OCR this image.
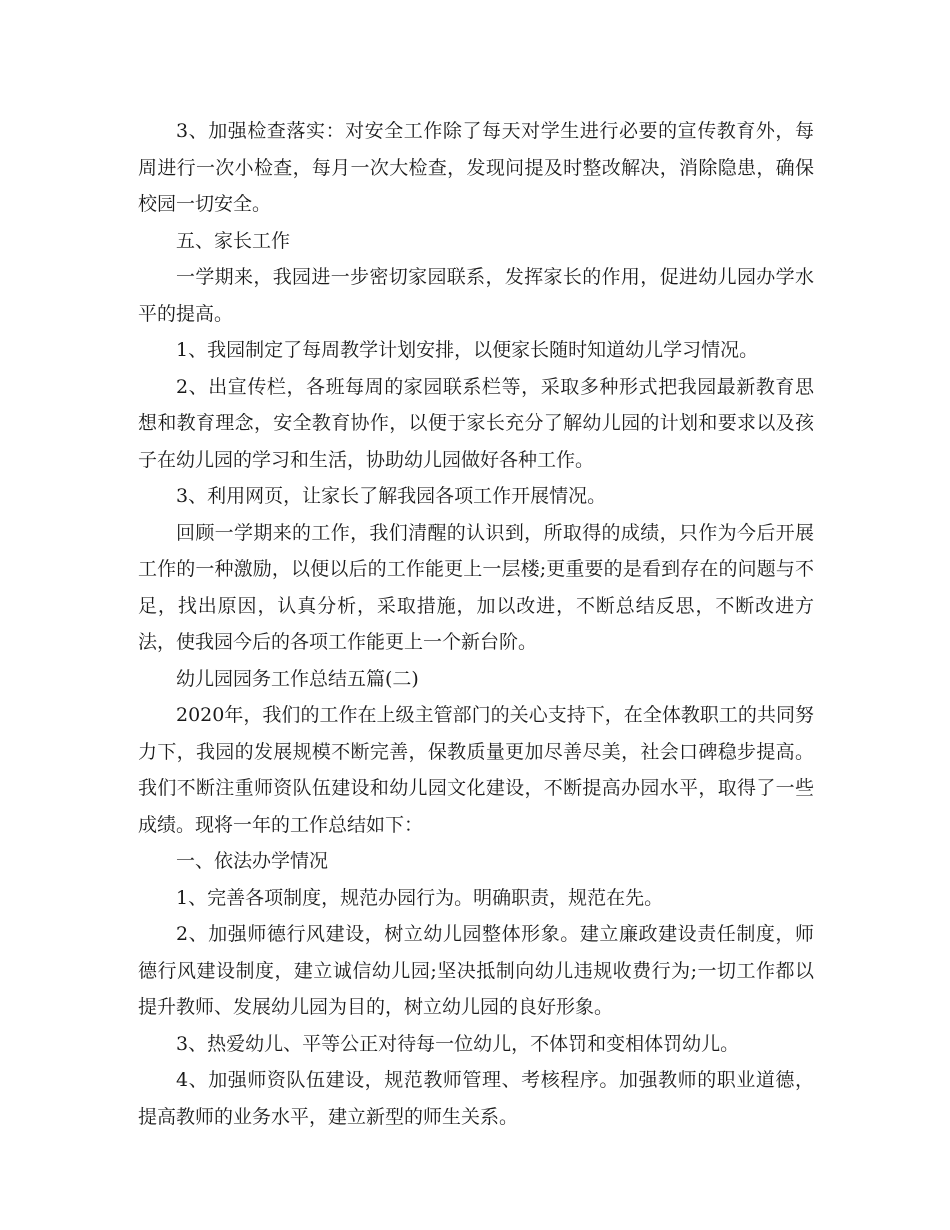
3、加强检查落实：对安全工作除了每天对学生进行必要的宣传教育外，每周进行一次小检查，每月一次大检查，发现问提及时整改解决，消除隐患，确保校园一切安全。

五、家长工作

一学期来，我园进一步密切家园联系，发挥家长的作用，促进幼儿园办学水平的提高。

1、我园制定了每周教学计划安排，以便家长随时知道幼儿学习情况。

2、出宣传栏，各班每周的家园联系栏等，采取多种形式把我园最新教育思想和教育理念，安全教育协作，以便于家长充分了解幼儿园的计划和要求以及孩子在幼儿园的学习和生活，协助幼儿园做好各种工作。

3、利用网页，让家长了解我园各项工作开展情况。

回顾一学期来的工作，我们清醒的认识到，所取得的成绩，只作为今后开展工作的一种激励，以便以后的工作能更上一层楼;更重要的是看到存在的问题与不足，找出原因，认真分析，采取措施，加以改进，不断总结反思，不断改进方法，使我园今后的各项工作能更上一个新台阶。

幼儿园园务工作总结五篇(二)

2020年，我们的工作在上级主管部门的关心支持下，在全体教职工的共同努力下，我园的发展规模不断完善，保教质量更加尽善尽美，社会口碑稳步提高。我们不断注重师资队伍建设和幼儿园文化建设，不断提高办园水平，取得了一些成绩。现将一年的工作总结如下：

一、依法办学情况

1、完善各项制度，规范办园行为。明确职责，规范在先。

2、加强师德行风建设，树立幼儿园整体形象。建立廉政建设责任制度，师德行风建设制度，建立诚信幼儿园;坚决抵制向幼儿违规收费行为;一切工作都以提升教师、发展幼儿园为目的，树立幼儿园的良好形象。

3、热爱幼儿、平等公正对待每一位幼儿，不体罚和变相体罚幼儿。

4、加强师资队伍建设，规范教师管理、考核程序。加强教师的职业道德，提高教师的业务水平，建立新型的师生关系。
